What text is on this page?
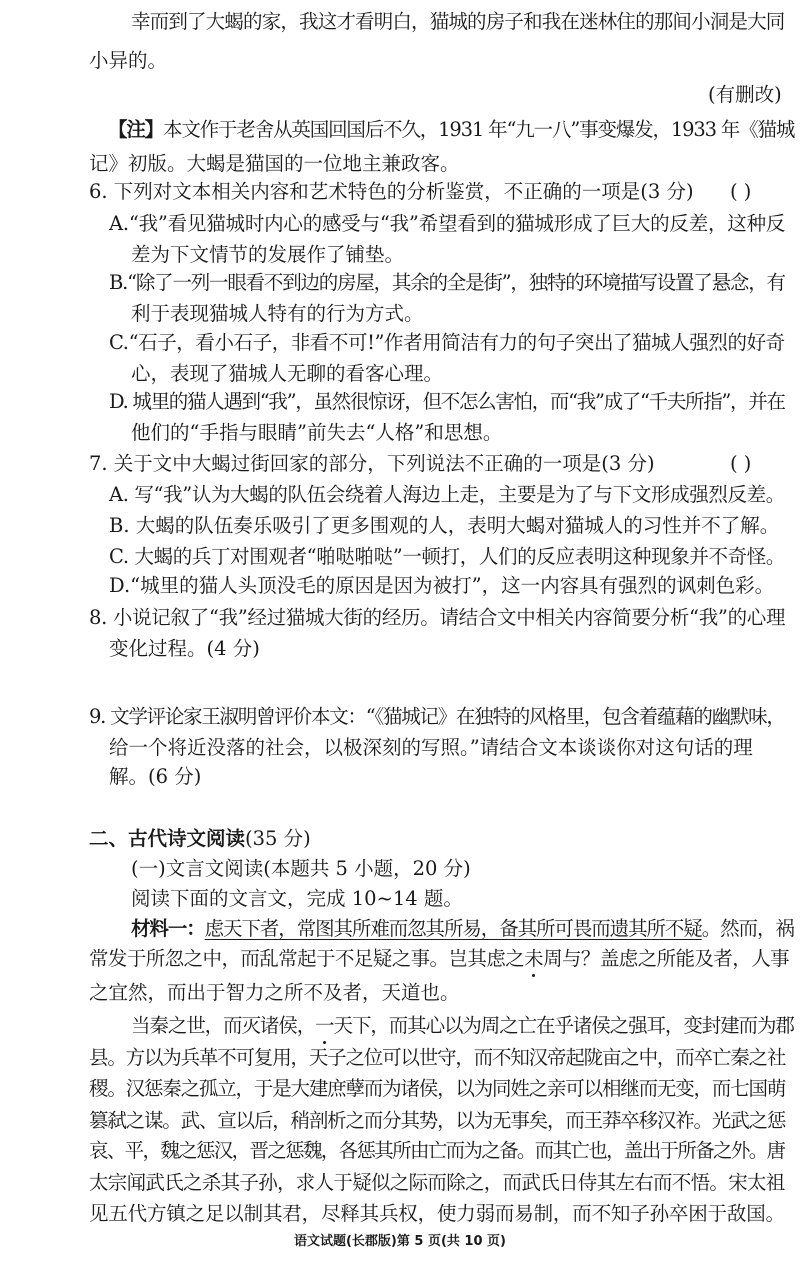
幸而到了大蝎的家，我这才看明白，猫城的房子和我在迷林住的那间小洞是大同
小异的。
(有删改)
【注】本文作于老舍从英国回国后不久，1931 年“九一八”事变爆发，1933 年《猫城
记》初版。大蝎是猫国的一位地主兼政客。
6. 下列对文本相关内容和艺术特色的分析鉴赏，不正确的一项是(3 分) ( )
A.“我”看见猫城时内心的感受与“我”希望看到的猫城形成了巨大的反差，这种反
差为下文情节的发展作了铺垫。
B.“除了一列一眼看不到边的房屋，其余的全是街”，独特的环境描写设置了悬念，有
利于表现猫城人特有的行为方式。
C.“石子，看小石子，非看不可!”作者用简洁有力的句子突出了猫城人强烈的好奇
心，表现了猫城人无聊的看客心理。
D. 城里的猫人遇到“我”，虽然很惊讶，但不怎么害怕，而“我”成了“千夫所指”，并在
他们的“手指与眼睛”前失去“人格”和思想。
7. 关于文中大蝎过街回家的部分，下列说法不正确的一项是(3 分)	( )
A. 写“我”认为大蝎的队伍会绕着人海边上走，主要是为了与下文形成强烈反差。
B. 大蝎的队伍奏乐吸引了更多围观的人，表明大蝎对猫城人的习性并不了解。
C. 大蝎的兵丁对围观者“啪哒啪哒”一顿打，人们的反应表明这种现象并不奇怪。
D.“城里的猫人头顶没毛的原因是因为被打”，这一内容具有强烈的讽刺色彩。
8. 小说记叙了“我”经过猫城大街的经历。请结合文中相关内容简要分析“我”的心理
变化过程。(4 分)
9. 文学评论家王淑明曾评价本文：“《猫城记》在独特的风格里，包含着蕴藉的幽默味，
给一个将近没落的社会，以极深刻的写照。”请结合文本谈谈你对这句话的理
解。(6 分)
二、古代诗文阅读(35 分)
(一)文言文阅读(本题共 5 小题，20 分)
阅读下面的文言文，完成 10~14 题。
材料一：虑天下者，常图其所难而忽其所易，备其所可畏而遗其所不疑。然而，祸
常发于所忽之中，而乱常起于不足疑之事。岂其虑之未周与？盖虑之所能及者，人事
之宜然，而出于智力之所不及者，天道也。
当秦之世，而灭诸侯，一天下，而其心以为周之亡在乎诸侯之强耳，变封建而为郡
县。方以为兵革不可复用，天子之位可以世守，而不知汉帝起陇亩之中，而卒亡秦之社
稷。汉惩秦之孤立，于是大建庶孽而为诸侯，以为同姓之亲可以相继而无变，而七国萌
篡弑之谋。武、宣以后，稍剖析之而分其势，以为无事矣，而王莽卒移汉祚。光武之惩
哀、平，魏之惩汉，晋之惩魏，各惩其所由亡而为之备。而其亡也，盖出于所备之外。唐
太宗闻武氏之杀其子孙，求人于疑似之际而除之，而武氏日侍其左右而不悟。宋太祖
见五代方镇之足以制其君，尽释其兵权，使力弱而易制，而不知子孙卒困于敌国。
语文试题(长郡版)第 5 页(共 10 页)
